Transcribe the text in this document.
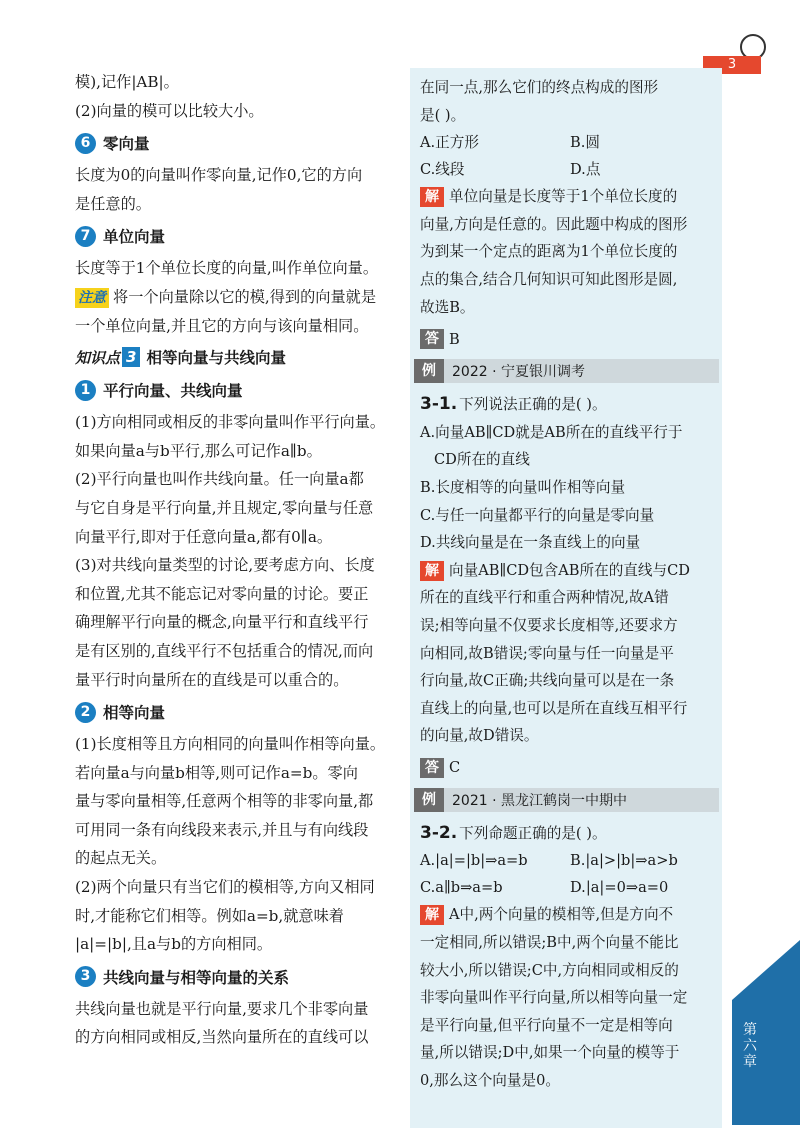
3

模),记作|AB|。

(2)向量的模可以比较大小。

6 零向量

长度为0的向量叫作零向量,记作0,它的方向

是任意的。

7 单位向量

长度等于1个单位长度的向量,叫作单位向量。

注意 将一个向量除以它的模,得到的向量就是

一个单位向量,并且它的方向与该向量相同。

知识点 3 相等向量与共线向量
1 平行向量、共线向量

(1)方向相同或相反的非零向量叫作平行向量。

如果向量a与b平行,那么可记作a∥b。

(2)平行向量也叫作共线向量。任一向量a都

与它自身是平行向量,并且规定,零向量与任意

向量平行,即对于任意向量a,都有0∥a。

(3)对共线向量类型的讨论,要考虑方向、长度

和位置,尤其不能忘记对零向量的讨论。要正

确理解平行向量的概念,向量平行和直线平行

是有区别的,直线平行不包括重合的情况,而向

量平行时向量所在的直线是可以重合的。

2 相等向量

(1)长度相等且方向相同的向量叫作相等向量。

若向量a与向量b相等,则可记作a=b。零向

量与零向量相等,任意两个相等的非零向量,都

可用同一条有向线段来表示,并且与有向线段

的起点无关。

(2)两个向量只有当它们的模相等,方向又相同

时,才能称它们相等。例如a=b,就意味着

|a|=|b|,且a与b的方向相同。

3 共线向量与相等向量的关系

共线向量也就是平行向量,要求几个非零向量

的方向相同或相反,当然向量所在的直线可以

在同一点,那么它们的终点构成的图形

是( )。

A.正方形	B.圆
C.线段	D.点

解 单位向量是长度等于1个单位长度的

向量,方向是任意的。因此题中构成的图形

为到某一个定点的距离为1个单位长度的

点的集合,结合几何知识可知此图形是圆,

故选B。

答 B
例	2022 · 宁夏银川调考
3-1. 下列说法正确的是( )。

A.向量AB∥CD就是AB所在的直线平行于

CD所在的直线

B.长度相等的向量叫作相等向量

C.与任一向量都平行的向量是零向量

D.共线向量是在一条直线上的向量

解 向量AB∥CD包含AB所在的直线与CD

所在的直线平行和重合两种情况,故A错

误;相等向量不仅要求长度相等,还要求方

向相同,故B错误;零向量与任一向量是平

行向量,故C正确;共线向量可以是在一条

直线上的向量,也可以是所在直线互相平行

的向量,故D错误。

答 C
例	2021 · 黑龙江鹤岗一中期中
3-2. 下列命题正确的是( )。

A.|a|=|b|⇒a=b	B.|a|>|b|⇒a>b
C.a∥b⇒a=b	D.|a|=0⇒a=0

解 A中,两个向量的模相等,但是方向不

一定相同,所以错误;B中,两个向量不能比

较大小,所以错误;C中,方向相同或相反的

非零向量叫作平行向量,所以相等向量一定

是平行向量,但平行向量不一定是相等向

量,所以错误;D中,如果一个向量的模等于

0,那么这个向量是0。

第六章
